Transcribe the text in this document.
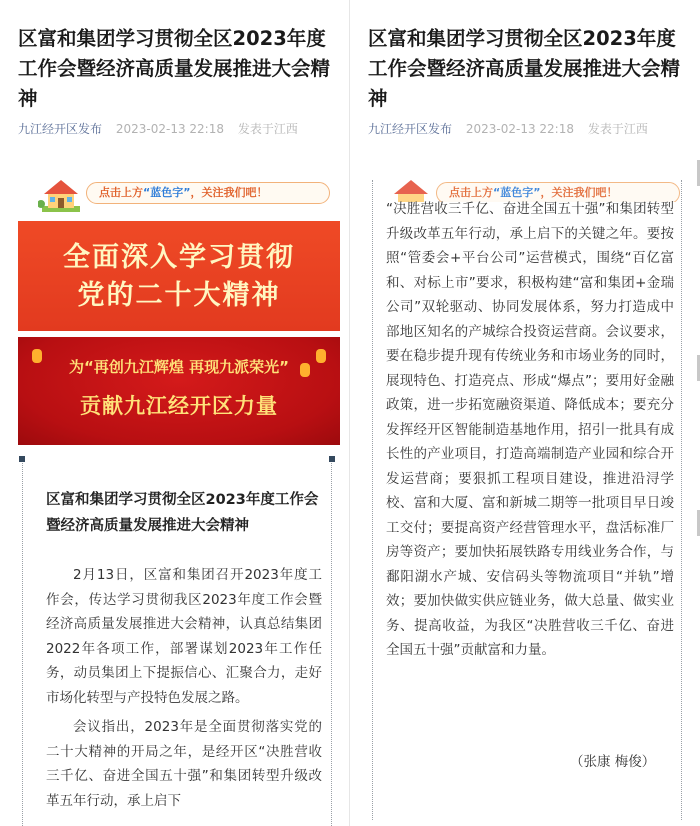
区富和集团学习贯彻全区2023年度工作会暨经济高质量发展推进大会精神
九江经开区发布 2023-02-13 22:18 发表于江西
点击上方“蓝色字”，关注我们吧！
全面深入学习贯彻
党的二十大精神
为“再创九江辉煌 再现九派荣光”
贡献九江经开区力量
区富和集团学习贯彻全区2023年度工作会暨经济高质量发展推进大会精神

2月13日，区富和集团召开2023年度工作会，传达学习贯彻我区2023年度工作会暨经济高质量发展推进大会精神，认真总结集团2022年各项工作，部署谋划2023年工作任务，动员集团上下提振信心、汇聚合力，走好市场化转型与产投特色发展之路。

会议指出，2023年是全面贯彻落实党的二十大精神的开局之年，是经开区“决胜营收三千亿、奋进全国五十强”和集团转型升级改革五年行动，承上启下

区富和集团学习贯彻全区2023年度工作会暨经济高质量发展推进大会精神
九江经开区发布 2023-02-13 22:18 发表于江西
点击上方“蓝色字”，关注我们吧！
“决胜营收三千亿、奋进全国五十强”和集团转型升级改革五年行动，承上启下的关键之年。要按照“管委会+平台公司”运营模式，围绕“百亿富和、对标上市”要求，积极构建“富和集团+金瑞公司”双轮驱动、协同发展体系，努力打造成中部地区知名的产城综合投资运营商。会议要求，要在稳步提升现有传统业务和市场业务的同时，展现特色、打造亮点、形成“爆点”；要用好金融政策，进一步拓宽融资渠道、降低成本；要充分发挥经开区智能制造基地作用，招引一批具有成长性的产业项目，打造高端制造产业园和综合开发运营商；要狠抓工程项目建设，推进沿浔学校、富和大厦、富和新城二期等一批项目早日竣工交付；要提高资产经营管理水平，盘活标准厂房等资产；要加快拓展铁路专用线业务合作，与鄱阳湖水产城、安信码头等物流项目“并轨”增效；要加快做实供应链业务，做大总量、做实业务、提高收益，为我区“决胜营收三千亿、奋进全国五十强”贡献富和力量。
（张康 梅俊）
